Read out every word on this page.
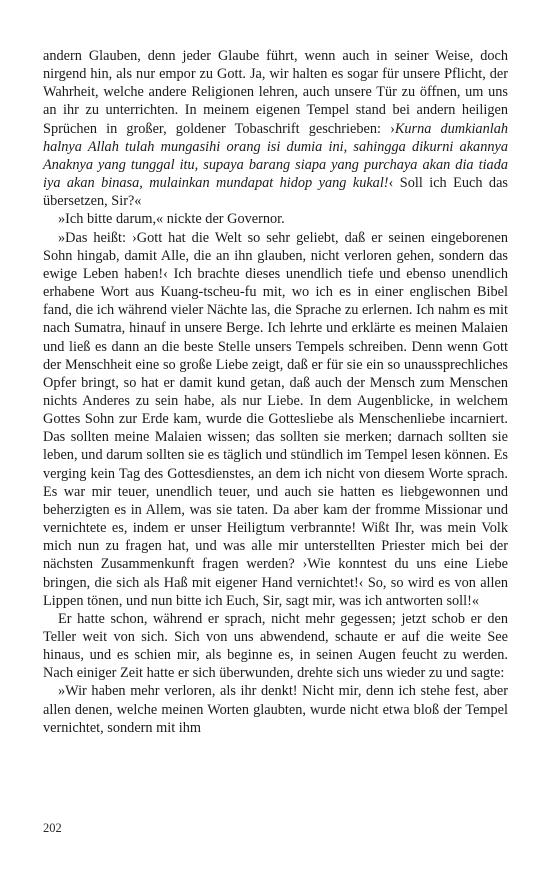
andern Glauben, denn jeder Glaube führt, wenn auch in seiner Weise, doch nirgend hin, als nur empor zu Gott. Ja, wir halten es sogar für unsere Pflicht, der Wahrheit, welche andere Religionen lehren, auch unsere Tür zu öffnen, um uns an ihr zu unterrichten. In meinem eigenen Tempel stand bei andern heiligen Sprüchen in großer, goldener Tobaschrift geschrieben: ›Kurna dumkianlah halnya Allah tulah mungasihi orang isi dumia ini, sahingga dikurni akannya Anaknya yang tunggal itu, supaya barang siapa yang purchaya akan dia tiada iya akan binasa, mulainkan mundapat hidop yang kukal!‹ Soll ich Euch das übersetzen, Sir?«

»Ich bitte darum,« nickte der Governor.

»Das heißt: ›Gott hat die Welt so sehr geliebt, daß er seinen eingeborenen Sohn hingab, damit Alle, die an ihn glauben, nicht verloren gehen, sondern das ewige Leben haben!‹ Ich brachte dieses unendlich tiefe und ebenso unendlich erhabene Wort aus Kuang-tscheu-fu mit, wo ich es in einer englischen Bibel fand, die ich während vieler Nächte las, die Sprache zu erlernen. Ich nahm es mit nach Sumatra, hinauf in unsere Berge. Ich lehrte und erklärte es meinen Malaien und ließ es dann an die beste Stelle unsers Tempels schreiben. Denn wenn Gott der Menschheit eine so große Liebe zeigt, daß er für sie ein so unaussprechliches Opfer bringt, so hat er damit kund getan, daß auch der Mensch zum Menschen nichts Anderes zu sein habe, als nur Liebe. In dem Augenblicke, in welchem Gottes Sohn zur Erde kam, wurde die Gottesliebe als Menschenliebe incarniert. Das sollten meine Malaien wissen; das sollten sie merken; darnach sollten sie leben, und darum sollten sie es täglich und stündlich im Tempel lesen können. Es verging kein Tag des Gottesdienstes, an dem ich nicht von diesem Worte sprach. Es war mir teuer, unendlich teuer, und auch sie hatten es liebgewonnen und beherzigten es in Allem, was sie taten. Da aber kam der fromme Missionar und vernichtete es, indem er unser Heiligtum verbrannte! Wißt Ihr, was mein Volk mich nun zu fragen hat, und was alle mir unterstellten Priester mich bei der nächsten Zusammenkunft fragen werden? ›Wie konntest du uns eine Liebe bringen, die sich als Haß mit eigener Hand vernichtet!‹ So, so wird es von allen Lippen tönen, und nun bitte ich Euch, Sir, sagt mir, was ich antworten soll!«

Er hatte schon, während er sprach, nicht mehr gegessen; jetzt schob er den Teller weit von sich. Sich von uns abwendend, schaute er auf die weite See hinaus, und es schien mir, als beginne es, in seinen Augen feucht zu werden. Nach einiger Zeit hatte er sich überwunden, drehte sich uns wieder zu und sagte:

»Wir haben mehr verloren, als ihr denkt! Nicht mir, denn ich stehe fest, aber allen denen, welche meinen Worten glaubten, wurde nicht etwa bloß der Tempel vernichtet, sondern mit ihm

202
